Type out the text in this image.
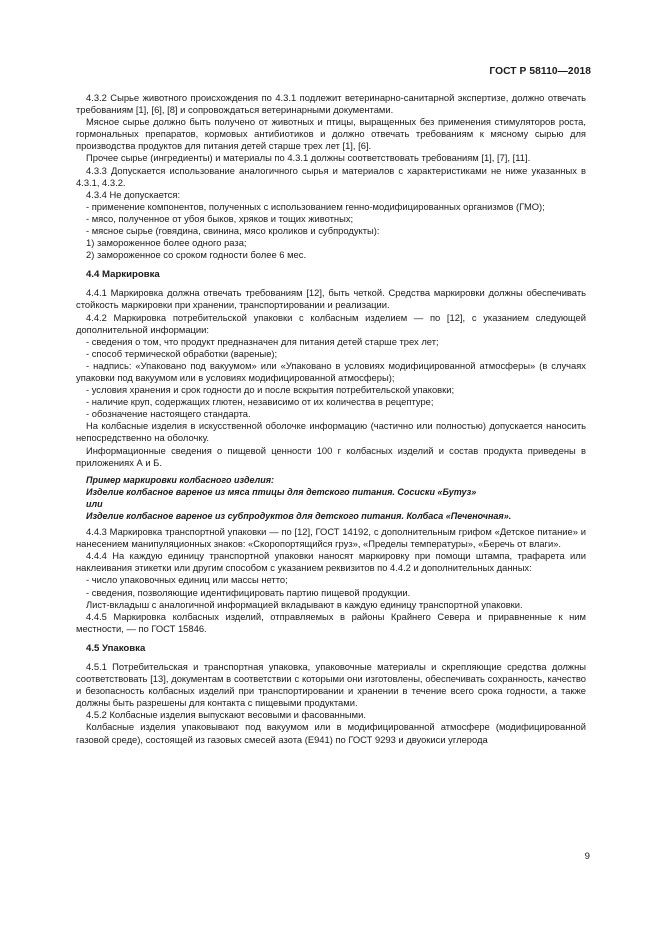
ГОСТ Р 58110—2018

4.3.2 Сырье животного происхождения по 4.3.1 подлежит ветеринарно-санитарной экспертизе, должно отвечать требованиям [1], [6], [8] и сопровождаться ветеринарными документами.

Мясное сырье должно быть получено от животных и птицы, выращенных без применения стимуляторов роста, гормональных препаратов, кормовых антибиотиков и должно отвечать требованиям к мясному сырью для производства продуктов для питания детей старше трех лет [1], [6].

Прочее сырье (ингредиенты) и материалы по 4.3.1 должны соответствовать требованиям [1], [7], [11].

4.3.3 Допускается использование аналогичного сырья и материалов с характеристиками не ниже указанных в 4.3.1, 4.3.2.

4.3.4 Не допускается:

- применение компонентов, полученных с использованием генно-модифицированных организмов (ГМО);

- мясо, полученное от убоя быков, хряков и тощих животных;

- мясное сырье (говядина, свинина, мясо кроликов и субпродукты):

1) замороженное более одного раза;

2) замороженное со сроком годности более 6 мес.

4.4 Маркировка

4.4.1 Маркировка должна отвечать требованиям [12], быть четкой. Средства маркировки должны обеспечивать стойкость маркировки при хранении, транспортировании и реализации.

4.4.2 Маркировка потребительской упаковки с колбасным изделием — по [12], с указанием следующей дополнительной информации:

- сведения о том, что продукт предназначен для питания детей старше трех лет;

- способ термической обработки (вареные);

- надпись: «Упаковано под вакуумом» или «Упаковано в условиях модифицированной атмосферы» (в случаях упаковки под вакуумом или в условиях модифицированной атмосферы);

- условия хранения и срок годности до и после вскрытия потребительской упаковки;

- наличие круп, содержащих глютен, независимо от их количества в рецептуре;

- обозначение настоящего стандарта.

На колбасные изделия в искусственной оболочке информацию (частично или полностью) допускается наносить непосредственно на оболочку.

Информационные сведения о пищевой ценности 100 г колбасных изделий и состав продукта приведены в приложениях А и Б.

Пример маркировки колбасного изделия:

Изделие колбасное вареное из мяса птицы для детского питания. Сосиски «Бутуз»

или

Изделие колбасное вареное из субпродуктов для детского питания. Колбаса «Печеночная».

4.4.3 Маркировка транспортной упаковки — по [12], ГОСТ 14192, с дополнительным грифом «Детское питание» и нанесением манипуляционных знаков: «Скоропортящийся груз», «Пределы температуры», «Беречь от влаги».

4.4.4 На каждую единицу транспортной упаковки наносят маркировку при помощи штампа, трафарета или наклеивания этикетки или другим способом с указанием реквизитов по 4.4.2 и дополнительных данных:

- число упаковочных единиц или массы нетто;

- сведения, позволяющие идентифицировать партию пищевой продукции.

Лист-вкладыш с аналогичной информацией вкладывают в каждую единицу транспортной упаковки.

4.4.5 Маркировка колбасных изделий, отправляемых в районы Крайнего Севера и приравненные к ним местности, — по ГОСТ 15846.

4.5 Упаковка

4.5.1 Потребительская и транспортная упаковка, упаковочные материалы и скрепляющие средства должны соответствовать [13], документам в соответствии с которыми они изготовлены, обеспечивать сохранность, качество и безопасность колбасных изделий при транспортировании и хранении в течение всего срока годности, а также должны быть разрешены для контакта с пищевыми продуктами.

4.5.2 Колбасные изделия выпускают весовыми и фасованными.

Колбасные изделия упаковывают под вакуумом или в модифицированной атмосфере (модифицированной газовой среде), состоящей из газовых смесей азота (Е941) по ГОСТ 9293 и двуокиси углерода

9
